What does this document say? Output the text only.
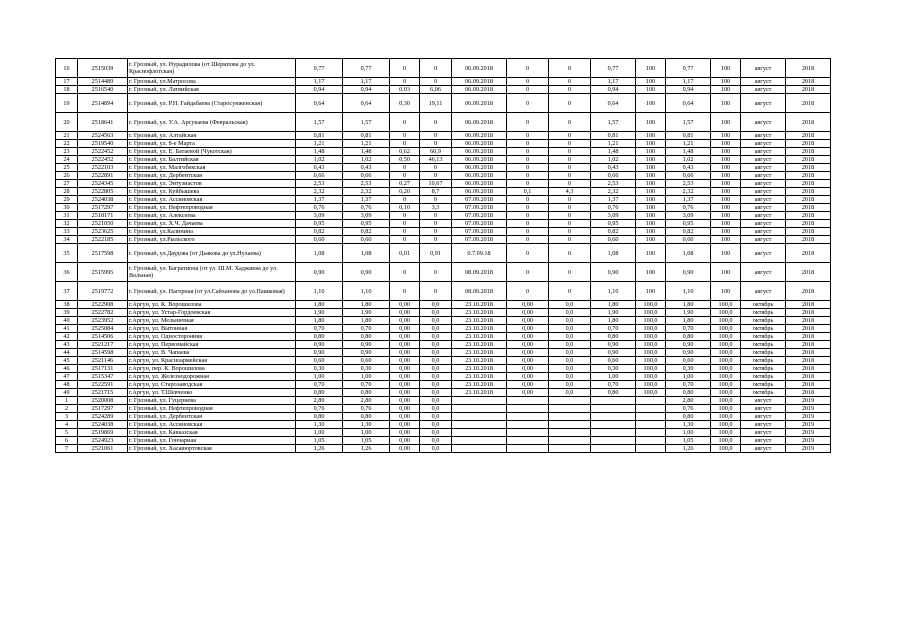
16	2515039	г. Грозный, ул. Нурадилова (от Шерипова до ул. Краснофлотская)	0,77	0,77	0	0	06.09.2018	0	0	0,77	100	0,77	100	август	2018
17	2514489	г. Грозный, ул.Матросова	1,17	1,17	0	0	06.09.2018	0	0	1,17	100	1,17	100	август	2018
18	2516540	г. Грозный, ул. Латвийская	0,94	0,94	0,03	6,06	06.09.2018	0	0	0,94	100	0,94	100	август	2018
19	2514894	г. Грозный, ул. Р.Н. Гайдабаева (Старосунженская)	0,64	0,64	0,30	19,11	06.09.2018	0	0	0,64	100	0,64	100	август	2018
20	2518641	г. Грозный, ул. У.А. Арсукаева (Февральская)	1,57	1,57	0	0	06.09.2018	0	0	1,57	100	1,57	100	август	2018
21	2524563	г. Грозный, ул. Алтайская	0,81	0,81	0	0	06.09.2018	0	0	0,81	100	0,81	100	август	2018
22	2519540	г. Грозный, ул. 8-е Марта	1,21	1,21	0	0	06.09.2018	0	0	1,21	100	1,21	100	август	2018
23	2522452	г. Грозный, ул. Е. Батаевой (Чукотская)	1,48	1,48	0,62	60,9	06.09.2018	0	0	1,48	100	1,48	100	август	2018
24	2522452	г. Грозный, ул. Балтийская	1,02	1,02	0,50	46,13	06.09.2018	0	0	1,02	100	1,02	100	август	2018
25	2522103	г. Грозный, ул. Малгобекская	0,43	0,43	0	0	06.09.2018	0	0	0,43	100	0,43	100	август	2018
26	2522891	г. Грозный, ул. Дербентская	0,66	0,66	0	0	06.09.2018	0	0	0,66	100	0,66	100	август	2018
27	2524345	г. Грозный, ул. Энтузиастов	2,53	2,53	0,27	10,67	06.09.2018	0	0	2,53	100	2,53	100	август	2018
28	2522805	г. Грозный, ул. Куйбышева	2,32	2,32	0,20	8,7	06.09.2018	0,1	4,3	2,32	100	2,32	100	август	2018
29	2524038	г. Грозный, ул. Ассиновская	1,37	1,37	0	0	07.09.2018	0	0	1,37	100	1,37	100	август	2018
30	2517297	г. Грозный, ул. Нефтепроводная	0,76	0,76	0,10	3,3	07.09.2018	0	0	0,76	100	0,76	100	август	2018
31	2518171	г. Грозный, ул. Алексеева	3,09	3,09	0	0	07.09.2018	0	0	3,09	100	3,09	100	август	2018
32	2521050	г. Грозный, ул. Х.Ч. Дачаева	0,95	0,95	0	0	07.09.2018	0	0	0,95	100	0,95	100	август	2018
33	2523625	г. Грозный, ул.Калинина	0,82	0,82	0	0	07.09.2018	0	0	0,82	100	0,82	100	август	2018
34	2522185	г. Грозный, ул.Рыльского	0,60	0,60	0	0	07.09.2018	0	0	0,60	100	0,60	100	август	2018
35	2517598	г. Грозный, ул.Даудова (от Дьякова до ул.Нухаева)	1,08	1,08	0,01	0,91	0.7.09.18	0	0	1,08	100	1,08	100	август	2018
36	2515995	г. Грозный, ул. Багратиона (от ул. Ш.М. Хаджиева до ул. Вольная)	0,90	0,90	0	0	08.09.2018	0	0	0,90	100	0,90	100	август	2018
37	2519772	г. Грозный, ул. Нагорная (от ул.Сайханова до ул.Пашковая)	1,10	1,10	0	0	08.09.2018	0	0	1,10	100	1,10	100	август	2018
38	2522908	г.Аргун, ул. К. Ворошилова	1,80	1,80	0,00	0,0	23.10.2018	0,00	0,0	1,80	100,0	1,80	100,0	октябрь	2018
39	2522782	г.Аргун, ул. Устар-Гордоевская	1,90	1,90	0,00	0,0	23.10.2018	0,00	0,0	1,90	100,0	1,90	100,0	октябрь	2018
40	2523952	г.Аргун, ул. Мельничная	1,80	1,80	0,00	0,0	23.10.2018	0,00	0,0	1,80	100,0	1,80	100,0	октябрь	2018
41	2525084	г.Аргун, ул. Вытонная	0,70	0,70	0,00	0,0	23.10.2018	0,00	0,0	0,70	100,0	0,70	100,0	октябрь	2018
42	2514506	г.Аргун, ул. Односторонняя	0,80	0,80	0,00	0,0	23.10.2018	0,00	0,0	0,80	100,0	0,80	100,0	октябрь	2018
43	2521217	г.Аргун, ул. Первомайская	0,90	0,90	0,00	0,0	23.10.2018	0,00	0,0	0,90	100,0	0,90	100,0	октябрь	2018
44	2514598	г.Аргун, ул. В. Чапаева	0,90	0,90	0,00	0,0	23.10.2018	0,00	0,0	0,90	100,0	0,90	100,0	октябрь	2018
45	2521146	г.Аргун, ул. Красноармейская	0,60	0,60	0,00	0,0	23.10.2018	0,00	0,0	0,60	100,0	0,60	100,0	октябрь	2018
46	2517131	г.Аргун, пер. К. Ворошилова	0,30	0,30	0,00	0,0	23.10.2018	0,00	0,0	0,30	100,0	0,30	100,0	октябрь	2018
47	2515347	г.Аргун, ул. Железнодорожная	1,00	1,00	0,00	0,0	23.10.2018	0,00	0,0	1,00	100,0	1,00	100,0	октябрь	2018
48	2522591	г.Аргун, ул. Староэаводская	0,70	0,70	0,00	0,0	23.10.2018	0,00	0,0	0,70	100,0	0,70	100,0	октябрь	2018
49	2521715	г.Аргун, ул. Т.Шевченко	0,80	0,80	0,00	0,0	23.10.2018	0,00	0,0	0,80	100,0	0,80	100,0	октябрь	2018
1	2520008	г. Грозный, ул. Гуцериева	2,80	2,80	0,00	0,0						2,80	100,0	август	2019
2	2517297	г. Грозный, ул. Нефтепроводная	0,76	0,76	0,00	0,0						0,76	100,0	август	2019
3	2524289	г. Грозный, ул. Дербентская	0,80	0,80	0,00	0,0						0,80	100,0	август	2019
4	2524038	г. Грозный, ул. Ассиновская	1,30	1,30	0,00	0,0						1,30	100,0	август	2019
5	2519869	г. Грозный, ул. Кавказская	1,00	1,00	0,00	0,0						1,00	100,0	август	2019
6	2524923	г. Грозный, ул. Гончарная	1,05	1,05	0,00	0,0						1,05	100,0	август	2019
7	2521061	г. Грозный, ул. Хасавюртовская	1,26	1,26	0,00	0,0						1,26	100,0	август	2019
